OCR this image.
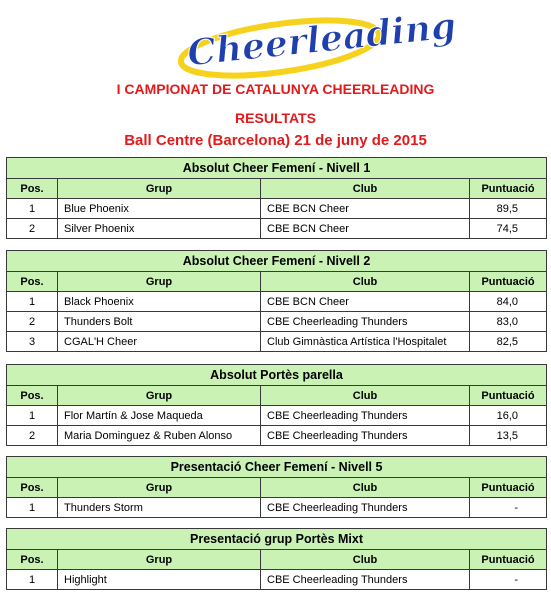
Cheerleading
I CAMPIONAT DE CATALUNYA CHEERLEADING
RESULTATS
Ball Centre (Barcelona) 21 de juny de 2015
Absolut Cheer Femení - Nivell 1			
Pos.	Grup	Club	Puntuació
1	Blue Phoenix	CBE BCN Cheer	89,5
2	Silver Phoenix	CBE BCN Cheer	74,5
Absolut Cheer Femení - Nivell 2			
Pos.	Grup	Club	Puntuació
1	Black Phoenix	CBE BCN Cheer	84,0
2	Thunders Bolt	CBE Cheerleading Thunders	83,0
3	CGAL'H Cheer	Club Gimnàstica Artística l'Hospitalet	82,5
Absolut Portès parella			
Pos.	Grup	Club	Puntuació
1	Flor Martín & Jose Maqueda	CBE Cheerleading Thunders	16,0
2	Maria Dominguez & Ruben Alonso	CBE Cheerleading Thunders	13,5
Presentació Cheer Femení - Nivell 5			
Pos.	Grup	Club	Puntuació
1	Thunders Storm	CBE Cheerleading Thunders	-
Presentació grup Portès Mixt			
Pos.	Grup	Club	Puntuació
1	Highlight	CBE Cheerleading Thunders	-
